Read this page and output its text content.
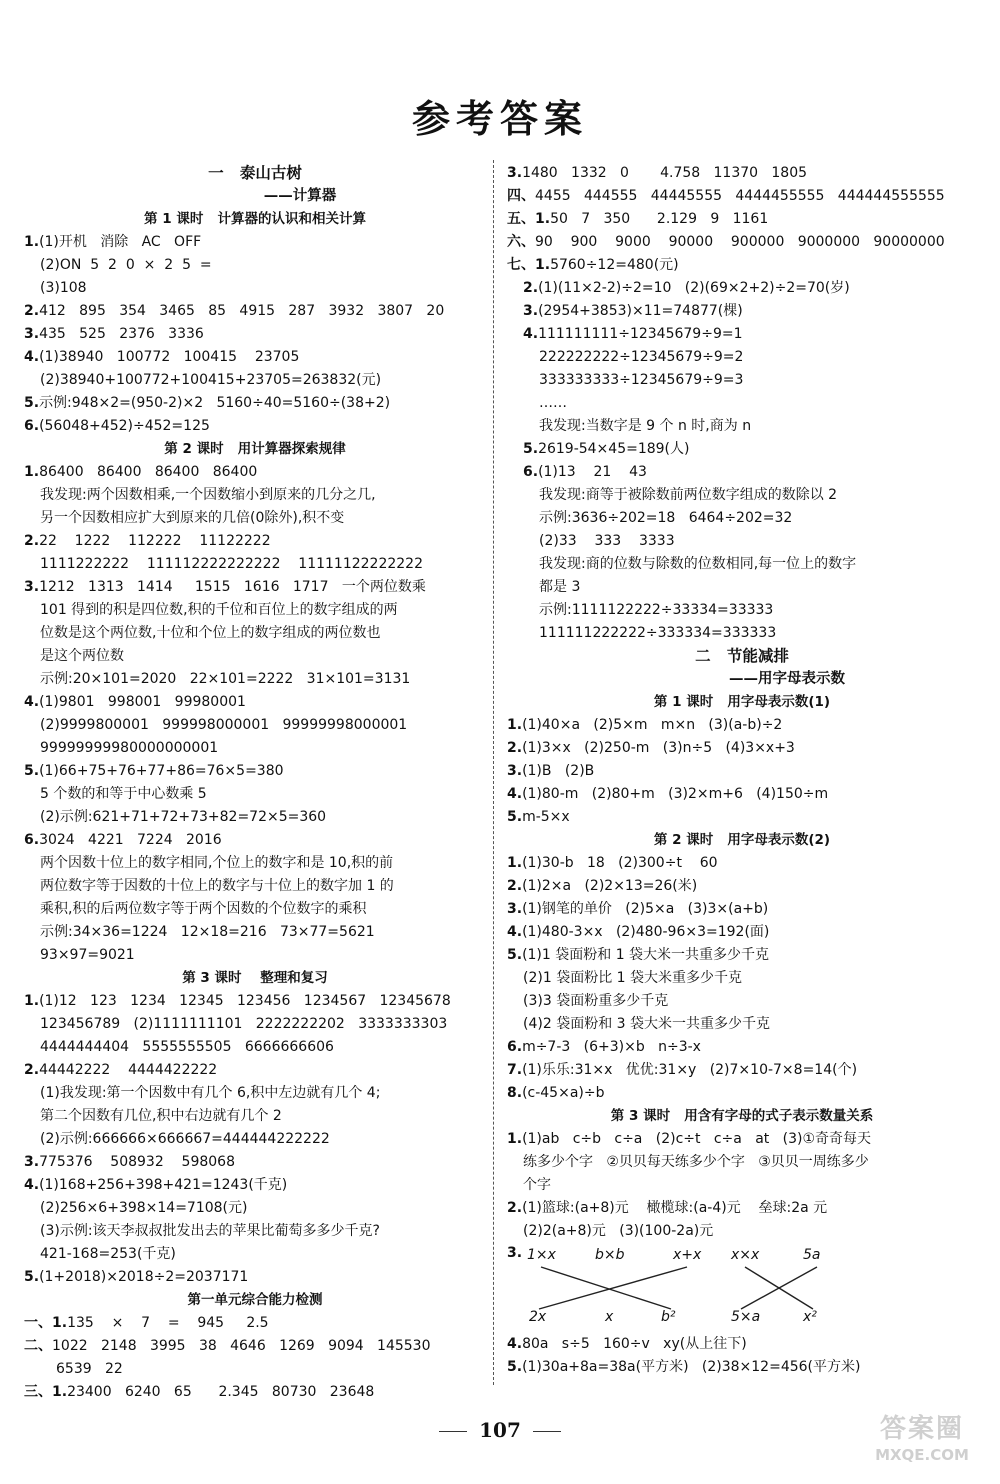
参考答案
一   泰山古树
——计算器
第 1 课时   计算器的认识和相关计算
1.(1)开机   消除   AC   OFF
(2)ON  5  2  0  ×  2  5  =
(3)108
2.412   895   354   3465   85   4915   287   3932   3807   20
3.435   525   2376   3336
4.(1)38940   100772   100415    23705
(2)38940+100772+100415+23705=263832(元)
5.示例:948×2=(950-2)×2   5160÷40=5160÷(38+2)
6.(56048+452)÷452=125
第 2 课时   用计算器探索规律
1.86400   86400   86400   86400
我发现:两个因数相乘,一个因数缩小到原来的几分之几,
另一个因数相应扩大到原来的几倍(0除外),积不变
2.22    1222    112222    11122222
1111222222    111112222222222    11111122222222
3.1212   1313   1414     1515   1616   1717   一个两位数乘
101 得到的积是四位数,积的千位和百位上的数字组成的两
位数是这个两位数,十位和个位上的数字组成的两位数也
是这个两位数
示例:20×101=2020   22×101=2222   31×101=3131
4.(1)9801   998001   99980001
(2)9999800001   999998000001   99999998000001
99999999980000000001
5.(1)66+75+76+77+86=76×5=380
5 个数的和等于中心数乘 5
(2)示例:621+71+72+73+82=72×5=360
6.3024   4221   7224   2016
两个因数十位上的数字相同,个位上的数字和是 10,积的前
两位数字等于因数的十位上的数字与十位上的数字加 1 的
乘积,积的后两位数字等于两个因数的个位数字的乘积
示例:34×36=1224   12×18=216   73×77=5621
93×97=9021
第 3 课时    整理和复习
1.(1)12   123   1234   12345   123456   1234567   12345678
123456789   (2)1111111101   2222222202   3333333303
4444444404   5555555505   6666666606
2.44442222    4444422222
(1)我发现:第一个因数中有几个 6,积中左边就有几个 4;
第二个因数有几位,积中右边就有几个 2
(2)示例:666666×666667=444444222222
3.775376    508932    598068
4.(1)168+256+398+421=1243(千克)
(2)256×6+398×14=7108(元)
(3)示例:该天李叔叔批发出去的苹果比葡萄多多少千克?
421-168=253(千克)
5.(1+2018)×2018÷2=2037171
第一单元综合能力检测
一、1.135    ×    7    =    945     2.5
二、1022   2148   3995   38   4646   1269   9094   145530
6539   22
三、1.23400   6240   65      2.345   80730   23648
3.1480   1332   0       4.758   11370   1805
四、4455   444555   44445555   4444455555   444444555555
五、1.50   7   350      2.129   9   1161
六、90    900    9000    90000    900000   9000000   90000000
七、1.5760÷12=480(元)
2.(1)(11×2-2)÷2=10   (2)(69×2+2)÷2=70(岁)
3.(2954+3853)×11=74877(棵)
4.111111111÷12345679÷9=1
222222222÷12345679÷9=2
333333333÷12345679÷9=3
……
我发现:当数字是 9 个 n 时,商为 n
5.2619-54×45=189(人)
6.(1)13    21    43
我发现:商等于被除数前两位数字组成的数除以 2
示例:3636÷202=18   6464÷202=32
(2)33    333    3333
我发现:商的位数与除数的位数相同,每一位上的数字
都是 3
示例:1111122222÷33334=33333
111111222222÷333334=333333
二   节能减排
——用字母表示数
第 1 课时   用字母表示数(1)
1.(1)40×a   (2)5×m   m×n   (3)(a-b)÷2
2.(1)3×x   (2)250-m   (3)n÷5   (4)3×x+3
3.(1)B   (2)B
4.(1)80-m   (2)80+m   (3)2×m+6   (4)150÷m
5.m-5×x
第 2 课时   用字母表示数(2)
1.(1)30-b   18   (2)300÷t    60
2.(1)2×a   (2)2×13=26(米)
3.(1)钢笔的单价   (2)5×a   (3)3×(a+b)
4.(1)480-3×x   (2)480-96×3=192(面)
5.(1)1 袋面粉和 1 袋大米一共重多少千克
(2)1 袋面粉比 1 袋大米重多少千克
(3)3 袋面粉重多少千克
(4)2 袋面粉和 3 袋大米一共重多少千克
6.m÷7-3   (6+3)×b   n÷3-x
7.(1)乐乐:31×x   优优:31×y   (2)7×10-7×8=14(个)
8.(c-45×a)÷b
第 3 课时   用含有字母的式子表示数量关系
1.(1)ab   c÷b   c÷a   (2)c÷t   c÷a   at   (3)①奇奇每天
练多少个字   ②贝贝每天练多少个字   ③贝贝一周练多少
个字
2.(1)篮球:(a+8)元    橄榄球:(a-4)元    垒球:2a 元
(2)2(a+8)元   (3)(100-2a)元
3. 1×x	b×b	x+x x×x	5a
2x	x	b²	5×a	x²
4.80a   s÷5   160÷v   xy(从上往下)
5.(1)30a+8a=38a(平方米)   (2)38×12=456(平方米)
107	答案圈
MXQE.COM
